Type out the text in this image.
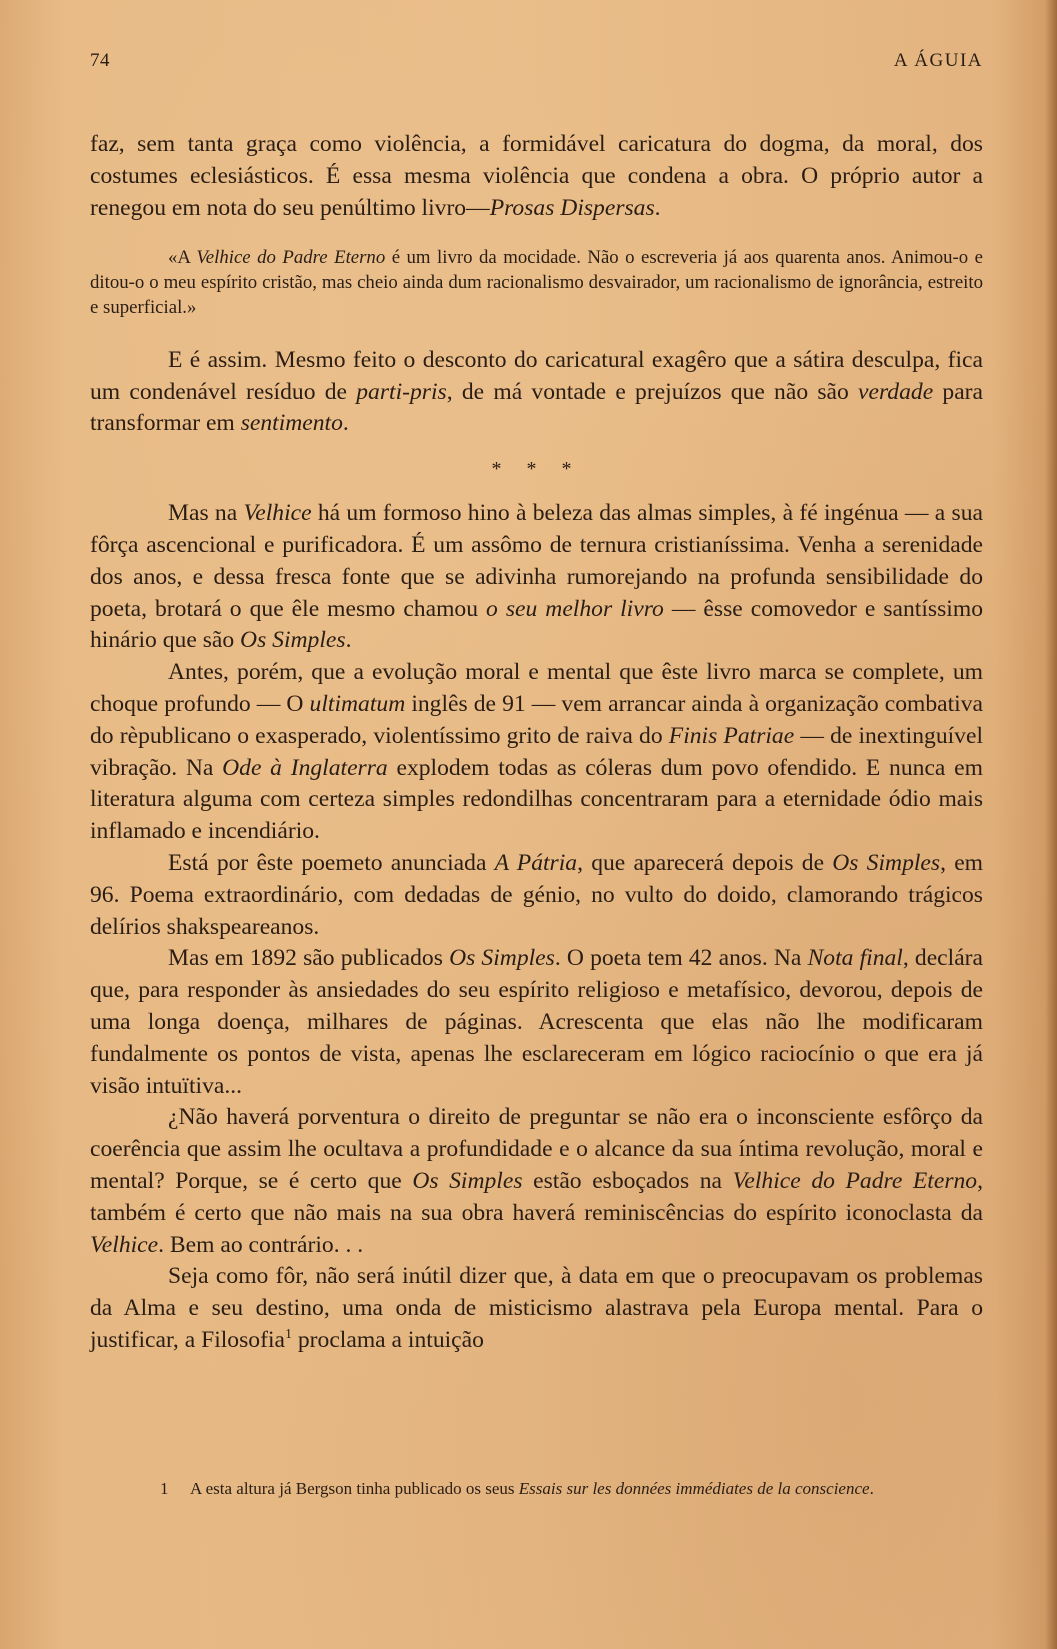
74	A ÁGUIA

faz, sem tanta graça como violência, a formidável caricatura do dogma, da moral, dos costumes eclesiásticos. É essa mesma violência que condena a obra. O próprio autor a renegou em nota do seu penúltimo livro—Prosas Dispersas.

«A Velhice do Padre Eterno é um livro da mocidade. Não o escreveria já aos quarenta anos. Animou-o e ditou-o o meu espírito cristão, mas cheio ainda dum racionalismo desvairador, um racionalismo de ignorância, estreito e superficial.»

E é assim. Mesmo feito o desconto do caricatural exagêro que a sátira desculpa, fica um condenável resíduo de parti-pris, de má vontade e prejuízos que não são verdade para transformar em sentimento.

* * *

Mas na Velhice há um formoso hino à beleza das almas simples, à fé ingénua — a sua fôrça ascencional e purificadora. É um assômo de ternura cristianíssima. Venha a serenidade dos anos, e dessa fresca fonte que se adivinha rumorejando na profunda sensibilidade do poeta, brotará o que êle mesmo chamou o seu melhor livro — êsse comovedor e santíssimo hinário que são Os Simples.

Antes, porém, que a evolução moral e mental que êste livro marca se complete, um choque profundo — O ultimatum inglês de 91 — vem arrancar ainda à organização combativa do rèpublicano o exasperado, violentíssimo grito de raiva do Finis Patriae — de inextinguível vibração. Na Ode à Inglaterra explodem todas as cóleras dum povo ofendido. E nunca em literatura alguma com certeza simples redondilhas concentraram para a eternidade ódio mais inflamado e incendiário.

Está por êste poemeto anunciada A Pátria, que aparecerá depois de Os Simples, em 96. Poema extraordinário, com dedadas de génio, no vulto do doido, clamorando trágicos delírios shakspeareanos.

Mas em 1892 são publicados Os Simples. O poeta tem 42 anos. Na Nota final, declára que, para responder às ansiedades do seu espírito religioso e metafísico, devorou, depois de uma longa doença, milhares de páginas. Acrescenta que elas não lhe modificaram fundalmente os pontos de vista, apenas lhe esclareceram em lógico raciocínio o que era já visão intuïtiva...

¿Não haverá porventura o direito de preguntar se não era o inconsciente esfôrço da coerência que assim lhe ocultava a profundidade e o alcance da sua íntima revolução, moral e mental? Porque, se é certo que Os Simples estão esboçados na Velhice do Padre Eterno, também é certo que não mais na sua obra haverá reminiscências do espírito iconoclasta da Velhice. Bem ao contrário. . .

Seja como fôr, não será inútil dizer que, à data em que o preocupavam os problemas da Alma e seu destino, uma onda de misticismo alastrava pela Europa mental. Para o justificar, a Filosofia$^1$ proclama a intuição

1 A esta altura já Bergson tinha publicado os seus Essais sur les données immédiates de la conscience.
